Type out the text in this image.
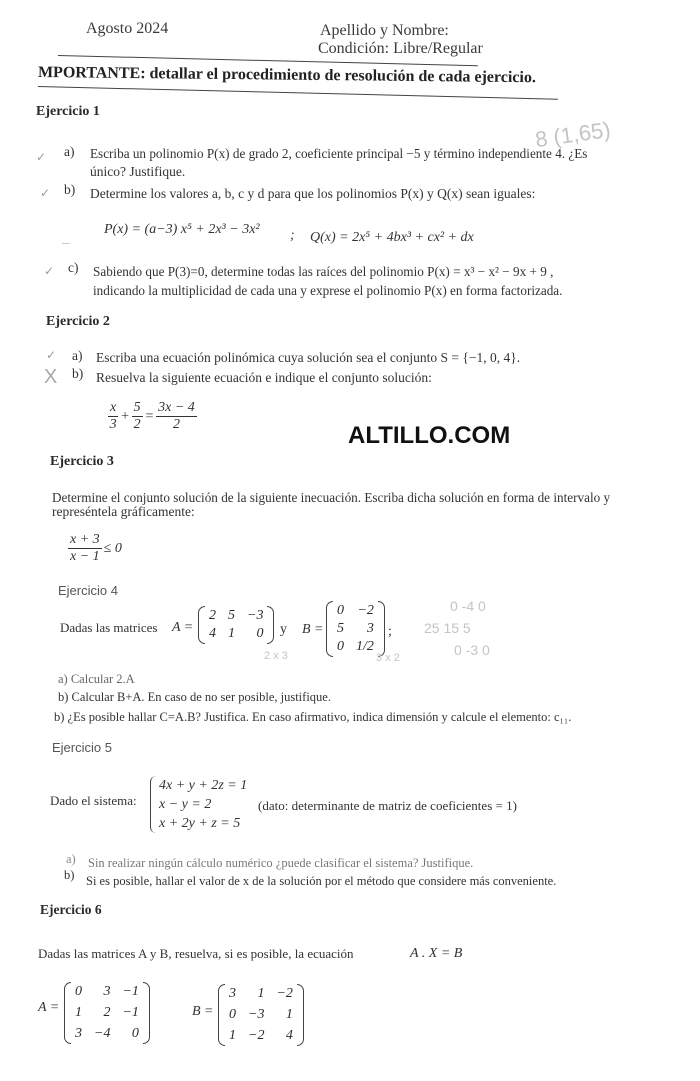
Agosto 2024	Apellido y Nombre:
Condición: Libre/Regular
MPORTANTE: detallar el procedimiento de resolución de cada ejercicio.
8 (1,65)
Ejercicio 1
✓ a) Escriba un polinomio P(x) de grado 2, coeficiente principal −5 y término independiente 4. ¿Es
único? Justifique.
✓ b) Determine los valores a, b, c y d para que los polinomios P(x) y Q(x) sean iguales:
P(x) = (a−3) x⁵ + 2x³ − 3x² ; Q(x) = 2x⁵ + 4bx³ + cx² + dx
–
✓ c) Sabiendo que P(3)=0, determine todas las raíces del polinomio P(x) = x³ − x² − 9x + 9 ,
indicando la multiplicidad de cada una y exprese el polinomio P(x) en forma factorizada.
Ejercicio 2
✓ a) Escriba una ecuación polinómica cuya solución sea el conjunto S = {−1, 0, 4}.
X b) Resuelva la siguiente ecuación e indique el conjunto solución:
$\frac{x}{3} + \frac{5}{2} = \frac{3x - 4}{2}$
ALTILLO.COM
Ejercicio 3
Determine el conjunto solución de la siguiente inecuación. Escriba dicha solución en forma de intervalo y
represéntela gráficamente:
$\frac{x + 3}{x - 1} \le 0$
Ejercicio 4
Dadas las matrices A =
2 5 −3
4 1	0 y B =
0 −2
5	3
0 1/2
;
2 x 3	3 x 2
0 -4 0
25 15 5
0 -3 0
a) Calcular 2.A
b) Calcular B+A. En caso de no ser posible, justifique.
b) ¿Es posible hallar C=A.B? Justifica. En caso afirmativo, indica dimensión y calcule el elemento: c₁₁.
Ejercicio 5
Dado el sistema:
4x + y + 2z = 1
x − y = 2
x + 2y + z = 5
(dato: determinante de matriz de coeficientes = 1)
a) Sin realizar ningún cálculo numérico ¿puede clasificar el sistema? Justifique.
b) Si es posible, hallar el valor de x de la solución por el método que considere más conveniente.
Ejercicio 6
Dadas las matrices A y B, resuelva, si es posible, la ecuación	A . X = B
A =
0	3 −1
1	2 −1
3 −4	0
B =
3	1 −2
0 −3	1
1 −2	4
